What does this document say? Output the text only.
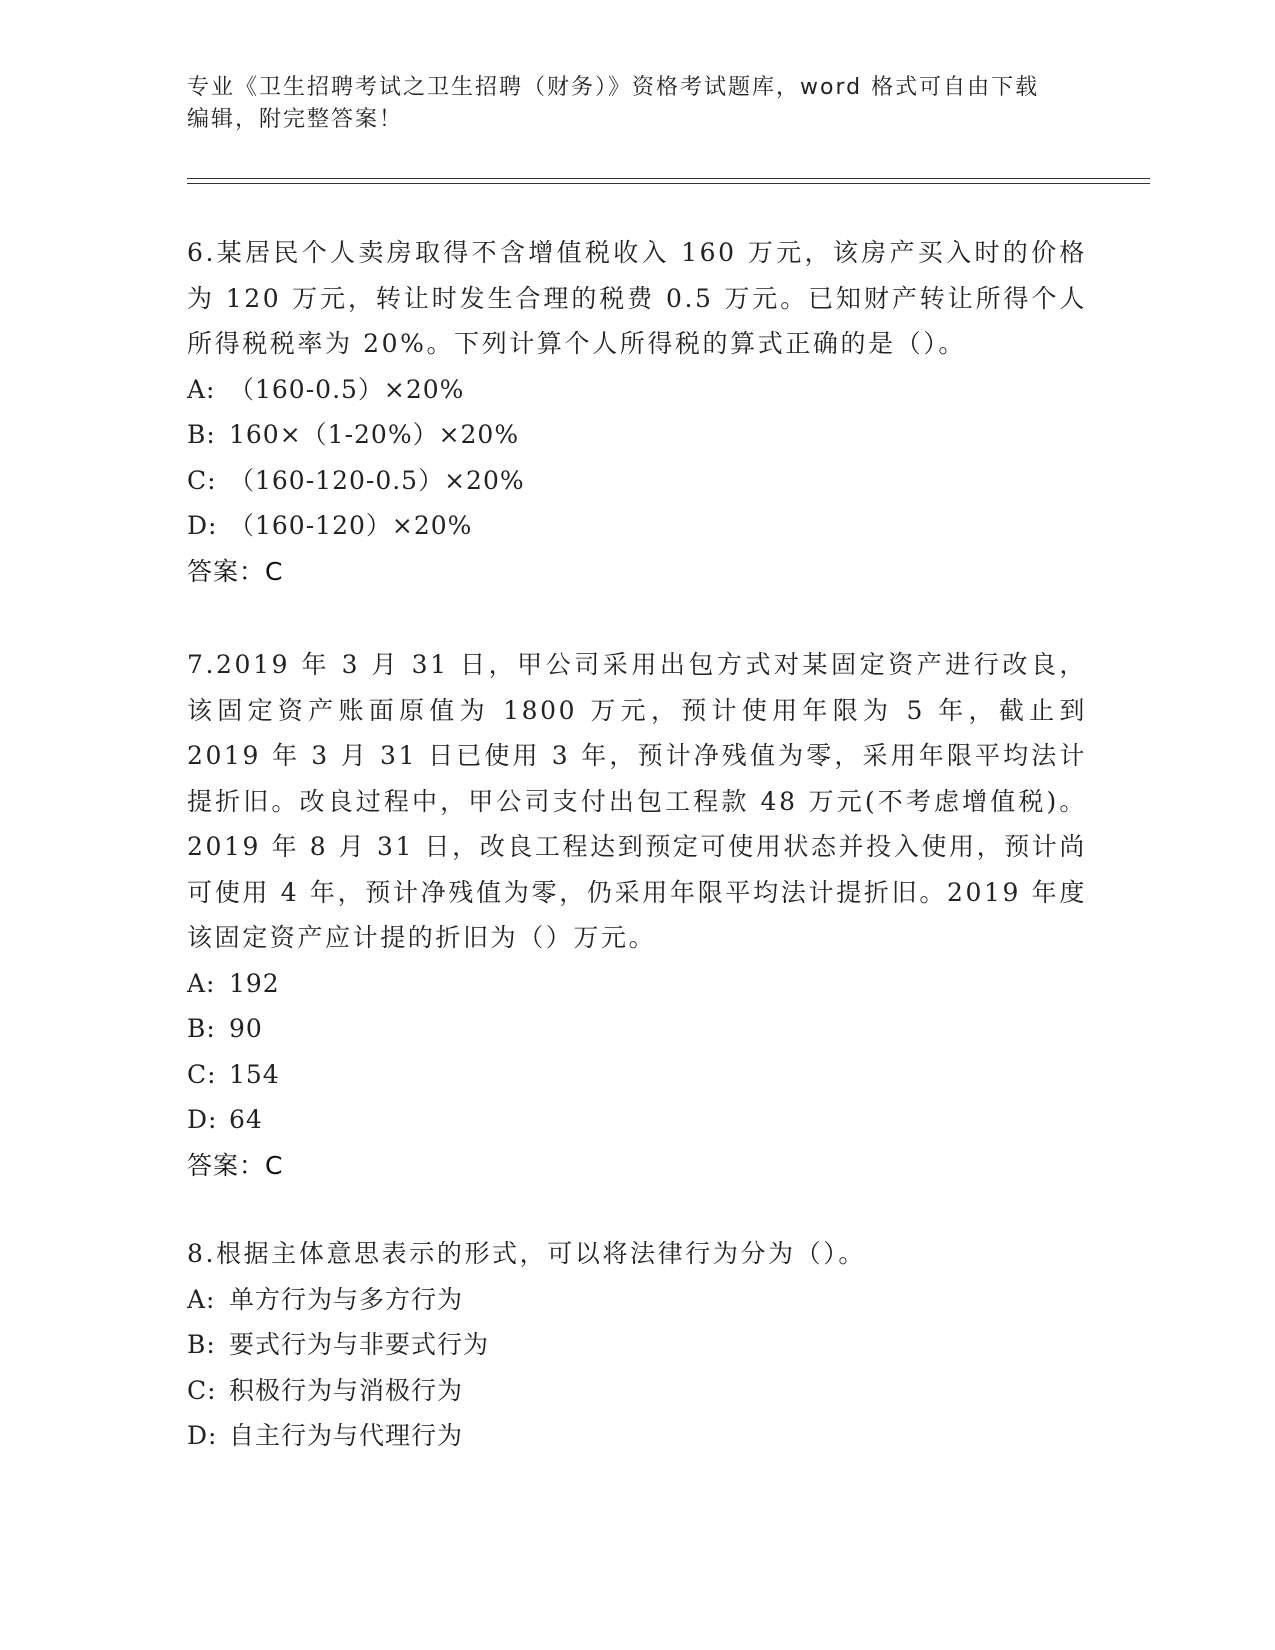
专业《卫生招聘考试之卫生招聘（财务）》资格考试题库，word 格式可自由下载
编辑，附完整答案！

6.某居民个人卖房取得不含增值税收入 160 万元，该房产买入时的价格为 120 万元，转让时发生合理的税费 0.5 万元。已知财产转让所得个人所得税税率为 20%。下列计算个人所得税的算式正确的是（）。

A: （160-0.5）×20%

B: 160×（1-20%）×20%

C: （160-120-0.5）×20%

D: （160-120）×20%

答案：C

7.2019 年 3 月 31 日，甲公司采用出包方式对某固定资产进行改良，该固定资产账面原值为 1800 万元，预计使用年限为 5 年，截止到 2019 年 3 月 31 日已使用 3 年，预计净残值为零，采用年限平均法计提折旧。改良过程中，甲公司支付出包工程款 48 万元(不考虑增值税)。2019 年 8 月 31 日，改良工程达到预定可使用状态并投入使用，预计尚可使用 4 年，预计净残值为零，仍采用年限平均法计提折旧。2019 年度该固定资产应计提的折旧为（）万元。

A: 192

B: 90

C: 154

D: 64

答案：C

8.根据主体意思表示的形式，可以将法律行为分为（）。

A: 单方行为与多方行为

B: 要式行为与非要式行为

C: 积极行为与消极行为

D: 自主行为与代理行为
